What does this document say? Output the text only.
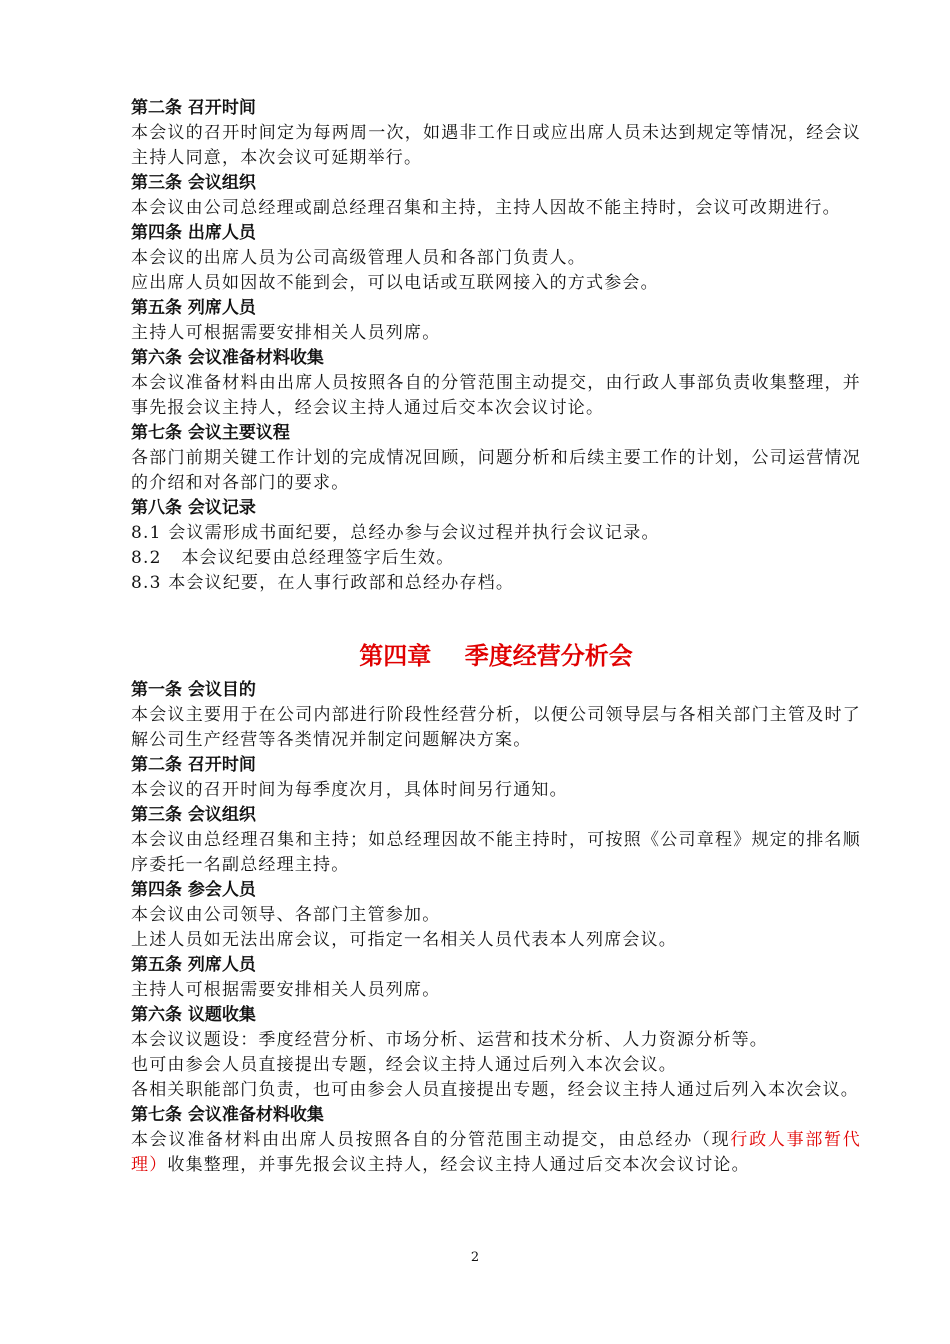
第二条 召开时间
本会议的召开时间定为每两周一次，如遇非工作日或应出席人员未达到规定等情况，经会议主持人同意，本次会议可延期举行。
第三条 会议组织
本会议由公司总经理或副总经理召集和主持，主持人因故不能主持时，会议可改期进行。
第四条 出席人员
本会议的出席人员为公司高级管理人员和各部门负责人。
应出席人员如因故不能到会，可以电话或互联网接入的方式参会。
第五条 列席人员
主持人可根据需要安排相关人员列席。
第六条 会议准备材料收集
本会议准备材料由出席人员按照各自的分管范围主动提交，由行政人事部负责收集整理，并事先报会议主持人，经会议主持人通过后交本次会议讨论。
第七条 会议主要议程
各部门前期关键工作计划的完成情况回顾，问题分析和后续主要工作的计划，公司运营情况的介绍和对各部门的要求。
第八条 会议记录
8.1 会议需形成书面纪要，总经办参与会议过程并执行会议记录。
8.2   本会议纪要由总经理签字后生效。
8.3 本会议纪要，在人事行政部和总经办存档。
第四章    季度经营分析会
第一条 会议目的
本会议主要用于在公司内部进行阶段性经营分析，以便公司领导层与各相关部门主管及时了解公司生产经营等各类情况并制定问题解决方案。
第二条 召开时间
本会议的召开时间为每季度次月，具体时间另行通知。
第三条 会议组织
本会议由总经理召集和主持；如总经理因故不能主持时，可按照《公司章程》规定的排名顺序委托一名副总经理主持。
第四条 参会人员
本会议由公司领导、各部门主管参加。
上述人员如无法出席会议，可指定一名相关人员代表本人列席会议。
第五条 列席人员
主持人可根据需要安排相关人员列席。
第六条 议题收集
本会议议题设：季度经营分析、市场分析、运营和技术分析、人力资源分析等。
也可由参会人员直接提出专题，经会议主持人通过后列入本次会议。
各相关职能部门负责，也可由参会人员直接提出专题，经会议主持人通过后列入本次会议。
第七条 会议准备材料收集
本会议准备材料由出席人员按照各自的分管范围主动提交，由总经办（现行政人事部暂代理）收集整理，并事先报会议主持人，经会议主持人通过后交本次会议讨论。
2
